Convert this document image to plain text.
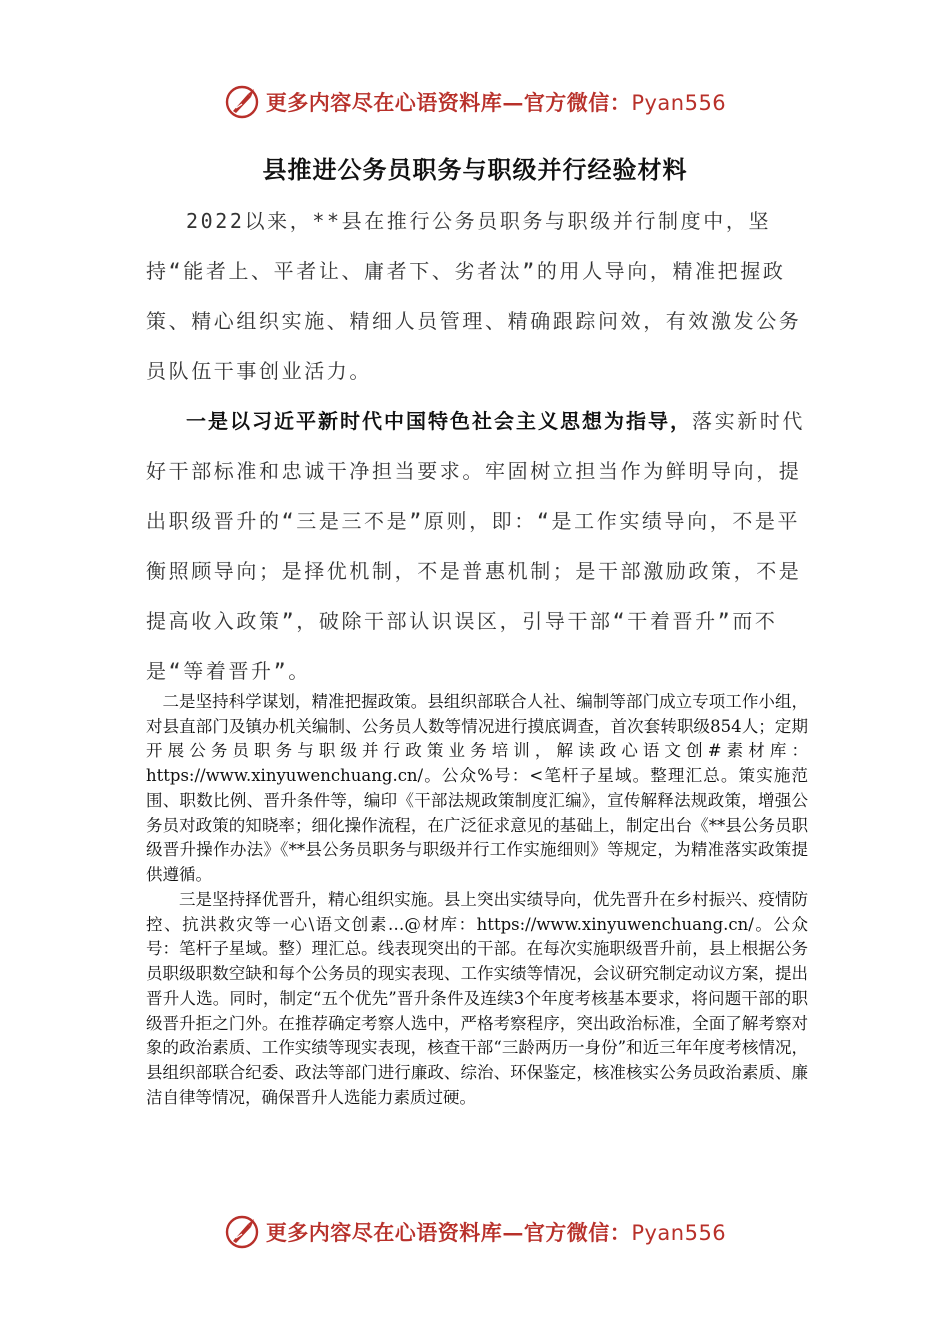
更多内容尽在心语资料库—官方微信：Pyan556
县推进公务员职务与职级并行经验材料
2022以来，**县在推行公务员职务与职级并行制度中，坚持“能者上、平者让、庸者下、劣者汰”的用人导向，精准把握政策、精心组织实施、精细人员管理、精确跟踪问效，有效激发公务员队伍干事创业活力。
一是以习近平新时代中国特色社会主义思想为指导，落实新时代好干部标准和忠诚干净担当要求。牢固树立担当作为鲜明导向，提出职级晋升的“三是三不是”原则，即：“是工作实绩导向，不是平衡照顾导向；是择优机制，不是普惠机制；是干部激励政策，不是提高收入政策”，破除干部认识误区，引导干部“干着晋升”而不是“等着晋升”。
二是坚持科学谋划，精准把握政策。县组织部联合人社、编制等部门成立专项工作小组，对县直部门及镇办机关编制、公务员人数等情况进行摸底调查，首次套转职级854人；定期开展公务员职务与职级并行政策业务培训，解读政心语文创#素材库：https://www.xinyuwenchuang.cn/。公众%号：<笔杆子星域。整理汇总。策实施范围、职数比例、晋升条件等，编印《干部法规政策制度汇编》，宣传解释法规政策，增强公务员对政策的知晓率；细化操作流程，在广泛征求意见的基础上，制定出台《**县公务员职级晋升操作办法》《**县公务员职务与职级并行工作实施细则》等规定，为精准落实政策提供遵循。
三是坚持择优晋升，精心组织实施。县上突出实绩导向，优先晋升在乡村振兴、疫情防控、抗洪救灾等一心\语文创素…@材库：https://www.xinyuwenchuang.cn/。公众号：笔杆子星域。整）理汇总。线表现突出的干部。在每次实施职级晋升前，县上根据公务员职级职数空缺和每个公务员的现实表现、工作实绩等情况，会议研究制定动议方案，提出晋升人选。同时，制定“五个优先”晋升条件及连续3个年度考核基本要求，将问题干部的职级晋升拒之门外。在推荐确定考察人选中，严格考察程序，突出政治标准，全面了解考察对象的政治素质、工作实绩等现实表现，核查干部“三龄两历一身份”和近三年年度考核情况，县组织部联合纪委、政法等部门进行廉政、综治、环保鉴定，核准核实公务员政治素质、廉洁自律等情况，确保晋升人选能力素质过硬。
更多内容尽在心语资料库—官方微信：Pyan556
